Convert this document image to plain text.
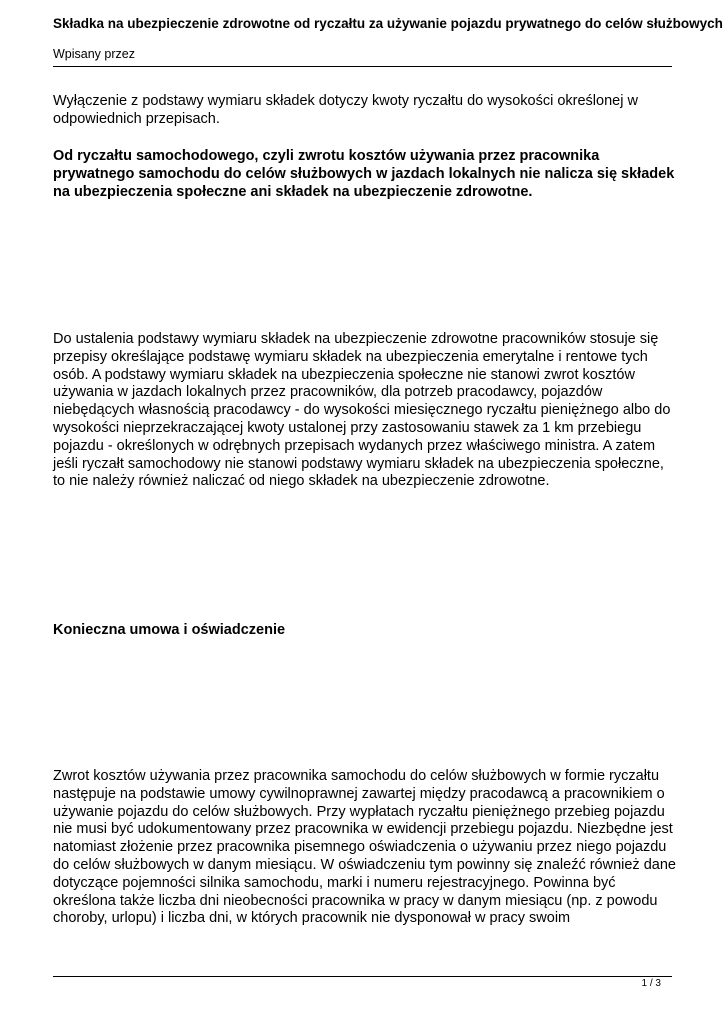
Składka na ubezpieczenie zdrowotne od ryczałtu za używanie pojazdu prywatnego do celów służbowych
Wpisany przez

Wyłączenie z podstawy wymiaru składek dotyczy kwoty ryczałtu do wysokości określonej w odpowiednich przepisach.

Od ryczałtu samochodowego, czyli zwrotu kosztów używania przez pracownika prywatnego samochodu do celów służbowych w jazdach lokalnych nie nalicza się składek na ubezpieczenia społeczne ani składek na ubezpieczenie zdrowotne.

Do ustalenia podstawy wymiaru składek na ubezpieczenie zdrowotne pracowników stosuje się przepisy określające podstawę wymiaru składek na ubezpieczenia emerytalne i rentowe tych osób. A podstawy wymiaru składek na ubezpieczenia społeczne nie stanowi zwrot kosztów używania w jazdach lokalnych przez pracowników, dla potrzeb pracodawcy, pojazdów niebędących własnością pracodawcy - do wysokości miesięcznego ryczałtu pieniężnego albo do wysokości nieprzekraczającej kwoty ustalonej przy zastosowaniu stawek za 1 km przebiegu pojazdu - określonych w odrębnych przepisach wydanych przez właściwego ministra. A zatem jeśli ryczałt samochodowy nie stanowi podstawy wymiaru składek na ubezpieczenia społeczne, to nie należy również naliczać od niego składek na ubezpieczenie zdrowotne.

Konieczna umowa i oświadczenie

Zwrot kosztów używania przez pracownika samochodu do celów służbowych w formie ryczałtu następuje na podstawie umowy cywilnoprawnej zawartej między pracodawcą a pracownikiem o używanie pojazdu do celów służbowych. Przy wypłatach ryczałtu pieniężnego przebieg pojazdu nie musi być udokumentowany przez pracownika w ewidencji przebiegu pojazdu. Niezbędne jest natomiast złożenie przez pracownika pisemnego oświadczenia o używaniu przez niego pojazdu do celów służbowych w danym miesiącu. W oświadczeniu tym powinny się znaleźć również dane dotyczące pojemności silnika samochodu, marki i numeru rejestracyjnego. Powinna być określona także liczba dni nieobecności pracownika w pracy w danym miesiącu (np. z powodu choroby, urlopu) i liczba dni, w których pracownik nie dysponował w pracy swoim

1 / 3
